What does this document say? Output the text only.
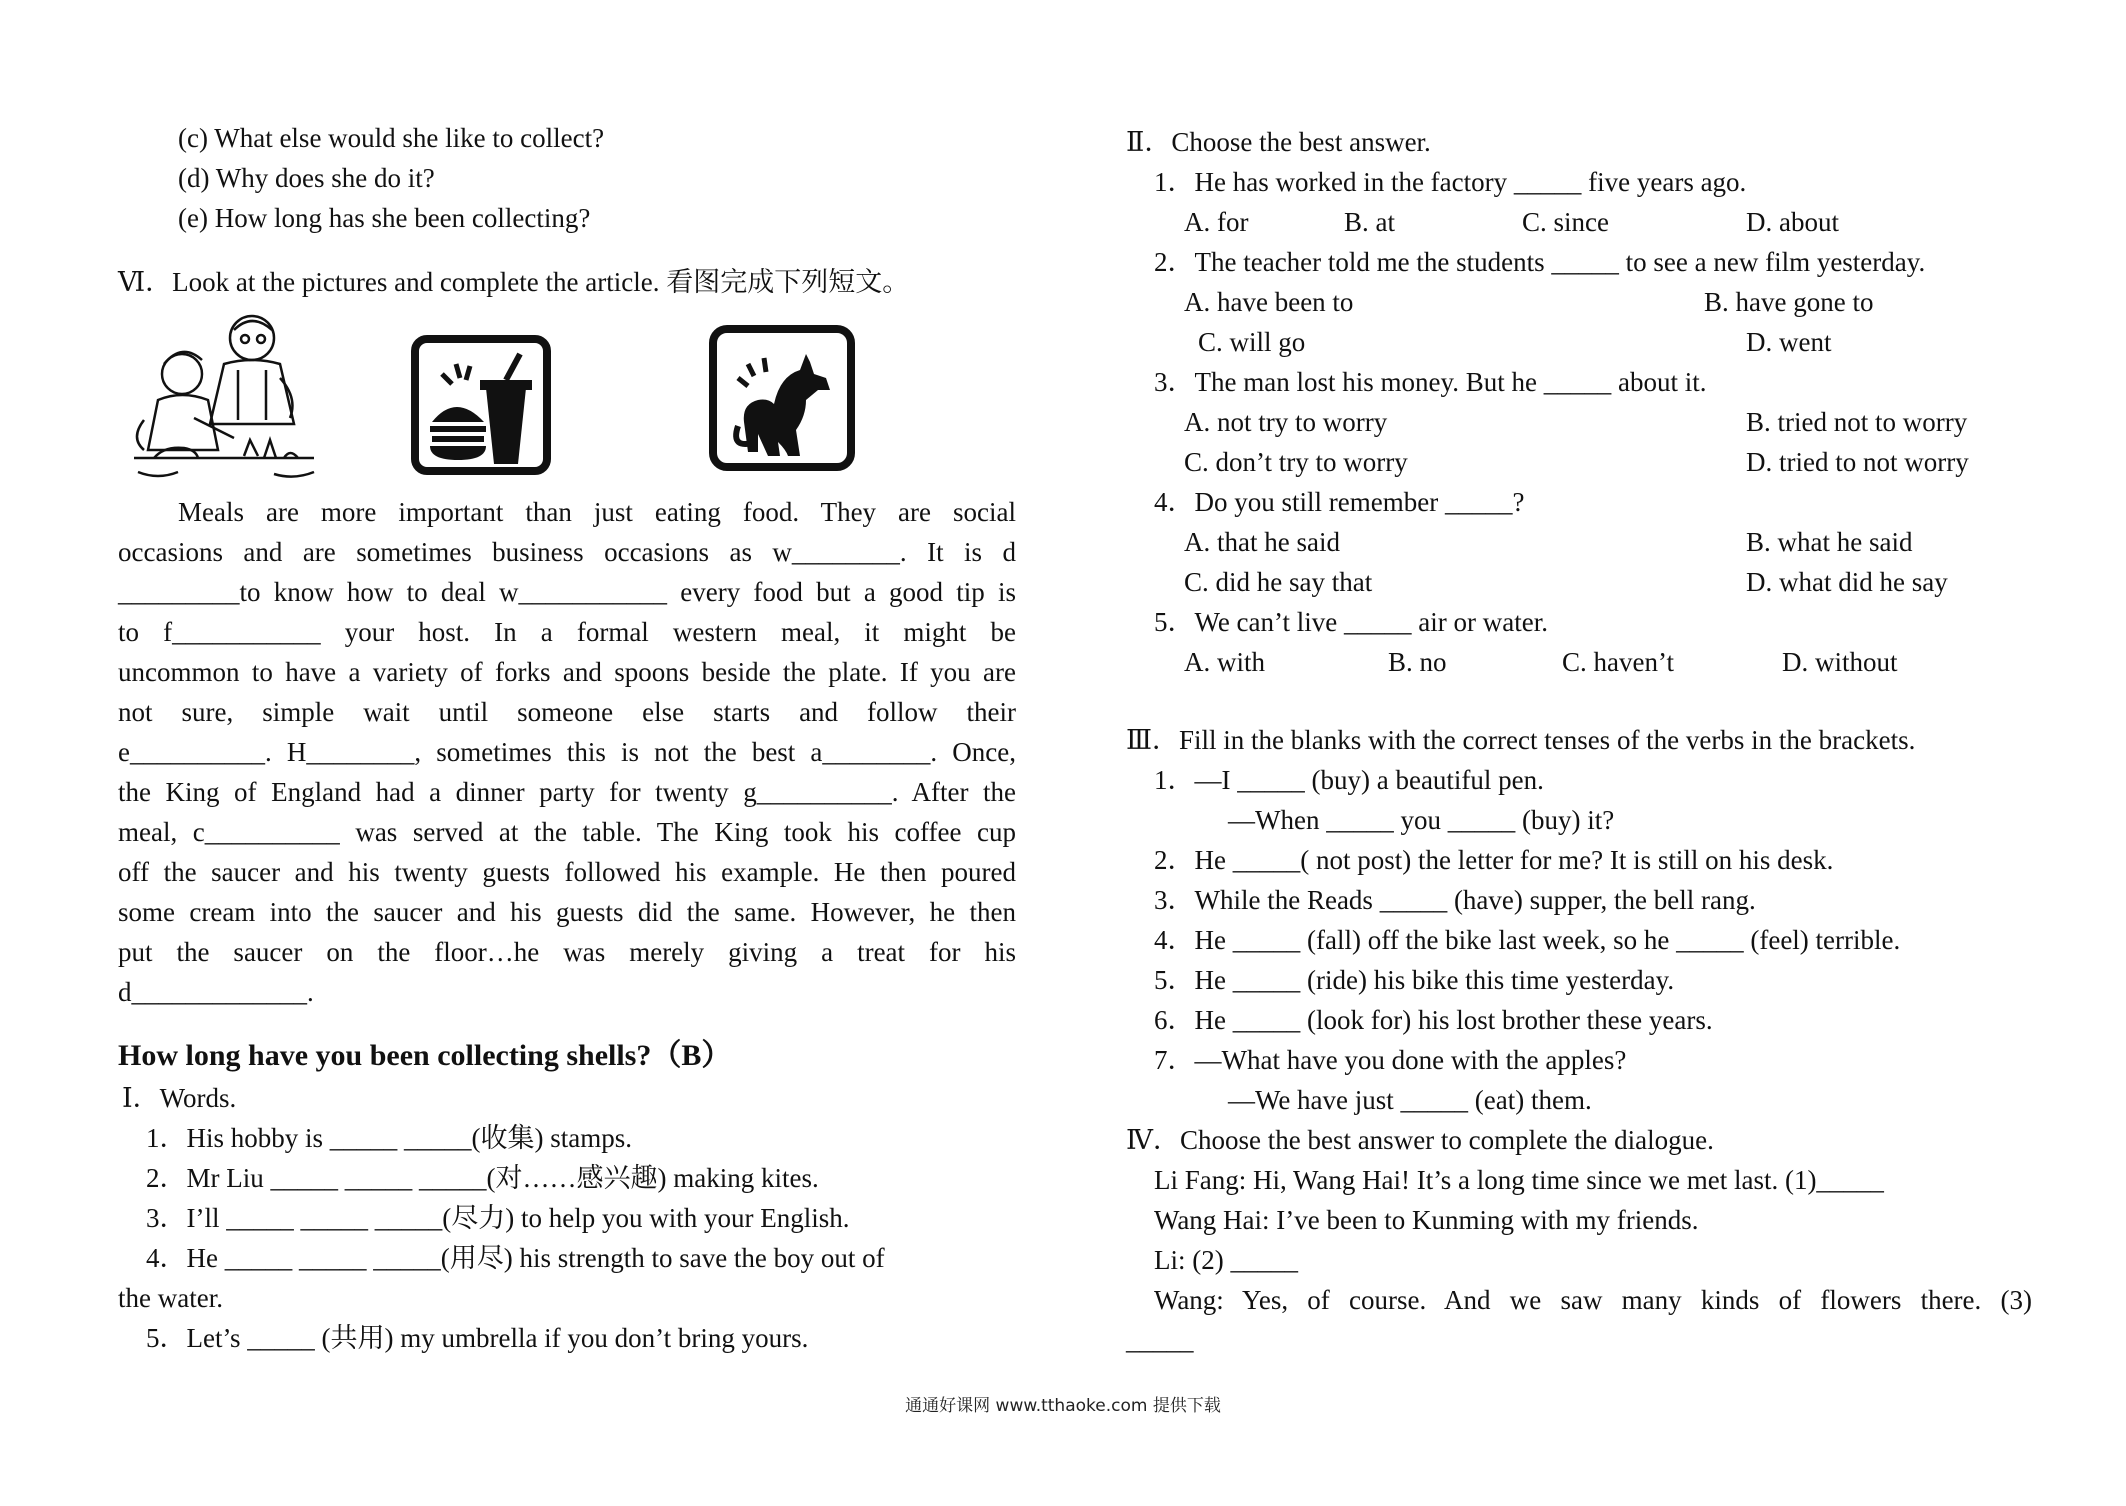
(c) What else would she like to collect?
(d) Why does she do it?
(e) How long has she been collecting?
Ⅵ．Look at the pictures and complete the article. 看图完成下列短文。
Meals are more important than just eating food. They are social
occasions and are sometimes business occasions as w________. It is d
_________to know how to deal w___________ every food but a good tip is
to f___________ your host. In a formal western meal, it might be
uncommon to have a variety of forks and spoons beside the plate. If you are
not sure, simple wait until someone else starts and follow their
e__________. H________, sometimes this is not the best a________. Once,
the King of England had a dinner party for twenty g__________. After the
meal, c__________ was served at the table. The King took his coffee cup
off the saucer and his twenty guests followed his example. He then poured
some cream into the saucer and his guests did the same. However, he then
put the saucer on the floor…he was merely giving a treat for his
d_____________.
How long have you been collecting shells?（B）
Ⅰ．Words.
1．His hobby is _____ _____(收集) stamps.
2．Mr Liu _____ _____ _____(对……感兴趣) making kites.
3．I’ll _____ _____ _____(尽力) to help you with your English.
4．He _____ _____ _____(用尽) his strength to save the boy out of
the water.
5．Let’s _____ (共用) my umbrella if you don’t bring yours.
Ⅱ．Choose the best answer.
1．He has worked in the factory _____ five years ago.
A. for	B. at	C. since	D. about

2．The teacher told me the students _____ to see a new film yesterday.
A. have been to	B. have gone to

C. will go	D. went

3．The man lost his money. But he _____ about it.
A. not try to worry	B. tried not to worry

C. don’t try to worry	D. tried to not worry

4．Do you still remember _____?
A. that he said	B. what he said

C. did he say that	D. what did he say

5．We can’t live _____ air or water.
A. with	B. no	C. haven’t	D. without

Ⅲ．Fill in the blanks with the correct tenses of the verbs in the brackets.
1．—I _____ (buy) a beautiful pen.
—When _____ you _____ (buy) it?
2．He _____( not post) the letter for me? It is still on his desk.
3．While the Reads _____ (have) supper, the bell rang.
4．He _____ (fall) off the bike last week, so he _____ (feel) terrible.
5．He _____ (ride) his bike this time yesterday.
6．He _____ (look for) his lost brother these years.
7．—What have you done with the apples?
—We have just _____ (eat) them.
Ⅳ．Choose the best answer to complete the dialogue.
Li Fang: Hi, Wang Hai! It’s a long time since we met last. (1)_____
Wang Hai: I’ve been to Kunming with my friends.
Li: (2) _____
Wang: Yes, of course. And we saw many kinds of flowers there. (3)
_____
通通好课网 www.tthaoke.com 提供下载
